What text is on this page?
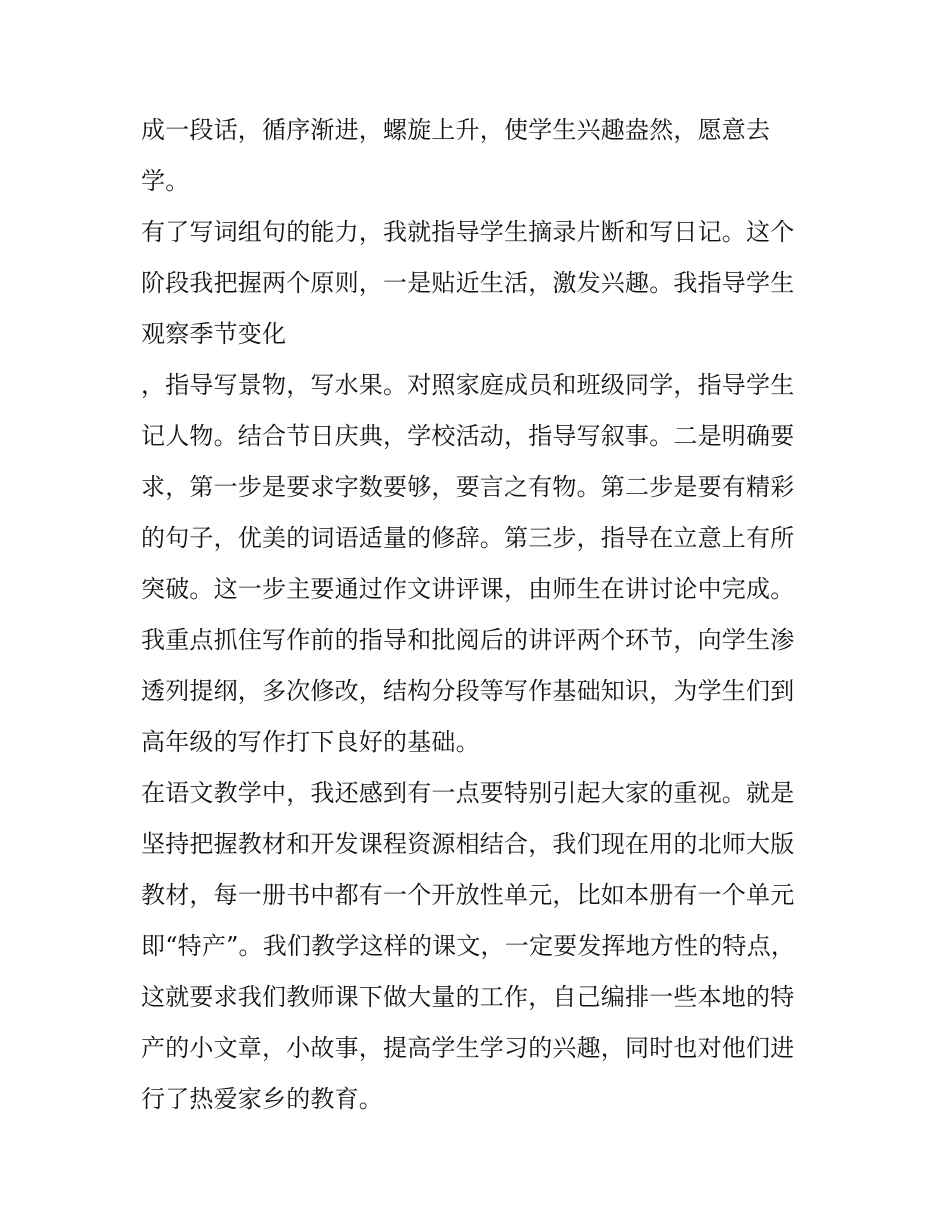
成一段话，循序渐进，螺旋上升，使学生兴趣盎然，愿意去

学。

有了写词组句的能力，我就指导学生摘录片断和写日记。这个

阶段我把握两个原则，一是贴近生活，激发兴趣。我指导学生

观察季节变化

，指导写景物，写水果。对照家庭成员和班级同学，指导学生

记人物。结合节日庆典，学校活动，指导写叙事。二是明确要

求，第一步是要求字数要够，要言之有物。第二步是要有精彩

的句子，优美的词语适量的修辞。第三步，指导在立意上有所

突破。这一步主要通过作文讲评课，由师生在讲讨论中完成。

我重点抓住写作前的指导和批阅后的讲评两个环节，向学生渗

透列提纲，多次修改，结构分段等写作基础知识，为学生们到

高年级的写作打下良好的基础。

在语文教学中，我还感到有一点要特别引起大家的重视。就是

坚持把握教材和开发课程资源相结合，我们现在用的北师大版

教材，每一册书中都有一个开放性单元，比如本册有一个单元

即“特产”。我们教学这样的课文，一定要发挥地方性的特点，

这就要求我们教师课下做大量的工作，自己编排一些本地的特

产的小文章，小故事，提高学生学习的兴趣，同时也对他们进

行了热爱家乡的教育。
